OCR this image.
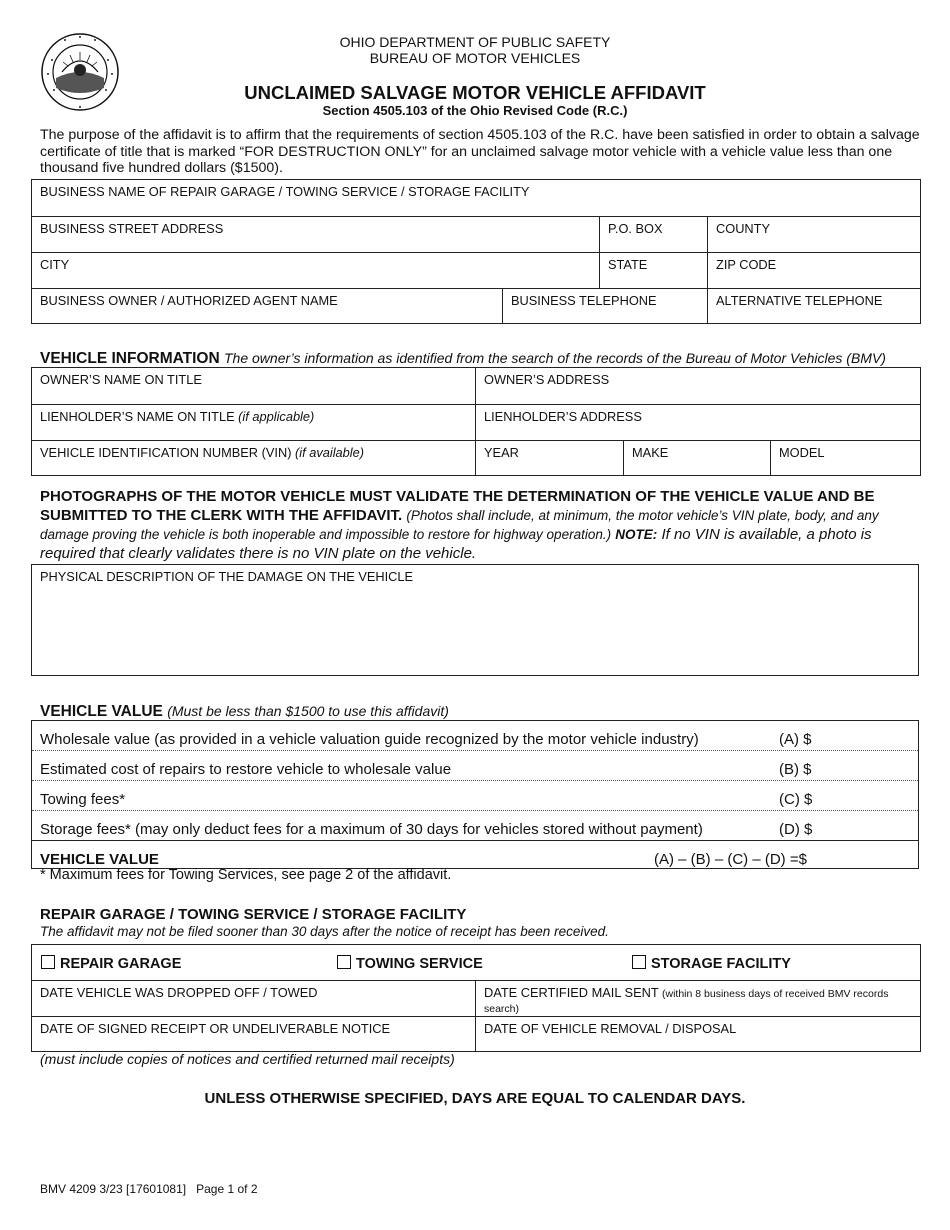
OHIO DEPARTMENT OF PUBLIC SAFETY
BUREAU OF MOTOR VEHICLES
UNCLAIMED SALVAGE MOTOR VEHICLE AFFIDAVIT
Section 4505.103 of the Ohio Revised Code (R.C.)
The purpose of the affidavit is to affirm that the requirements of section 4505.103 of the R.C. have been satisfied in order to obtain a salvage certificate of title that is marked “FOR DESTRUCTION ONLY” for an unclaimed salvage motor vehicle with a vehicle value less than one thousand five hundred dollars ($1500).
BUSINESS NAME OF REPAIR GARAGE / TOWING SERVICE / STORAGE FACILITY
BUSINESS STREET ADDRESS	P.O. BOX	COUNTY
CITY	STATE	ZIP CODE
BUSINESS OWNER / AUTHORIZED AGENT NAME	BUSINESS TELEPHONE	ALTERNATIVE TELEPHONE
VEHICLE INFORMATION The owner’s information as identified from the search of the records of the Bureau of Motor Vehicles (BMV)
OWNER’S NAME ON TITLE	OWNER’S ADDRESS
LIENHOLDER’S NAME ON TITLE (if applicable)	LIENHOLDER’S ADDRESS
VEHICLE IDENTIFICATION NUMBER (VIN) (if available)	YEAR	MAKE	MODEL
PHOTOGRAPHS OF THE MOTOR VEHICLE MUST VALIDATE THE DETERMINATION OF THE VEHICLE VALUE AND BE SUBMITTED TO THE CLERK WITH THE AFFIDAVIT. (Photos shall include, at minimum, the motor vehicle’s VIN plate, body, and any damage proving the vehicle is both inoperable and impossible to restore for highway operation.) NOTE: If no VIN is available, a photo is required that clearly validates there is no VIN plate on the vehicle.
PHYSICAL DESCRIPTION OF THE DAMAGE ON THE VEHICLE
VEHICLE VALUE (Must be less than $1500 to use this affidavit)
Wholesale value (as provided in a vehicle valuation guide recognized by the motor vehicle industry)	(A) $
Estimated cost of repairs to restore vehicle to wholesale value	(B) $
Towing fees*	(C) $
Storage fees* (may only deduct fees for a maximum of 30 days for vehicles stored without payment)	(D) $
VEHICLE VALUE	(A) – (B) – (C) – (D) =$
* Maximum fees for Towing Services, see page 2 of the affidavit.
REPAIR GARAGE / TOWING SERVICE / STORAGE FACILITY
The affidavit may not be filed sooner than 30 days after the notice of receipt has been received.
REPAIR GARAGE	TOWING SERVICE	STORAGE FACILITY
DATE VEHICLE WAS DROPPED OFF / TOWED	DATE CERTIFIED MAIL SENT (within 8 business days of received BMV records search)
DATE OF SIGNED RECEIPT OR UNDELIVERABLE NOTICE	DATE OF VEHICLE REMOVAL / DISPOSAL
(must include copies of notices and certified returned mail receipts)
UNLESS OTHERWISE SPECIFIED, DAYS ARE EQUAL TO CALENDAR DAYS.
BMV 4209 3/23 [17601081]   Page 1 of 2
